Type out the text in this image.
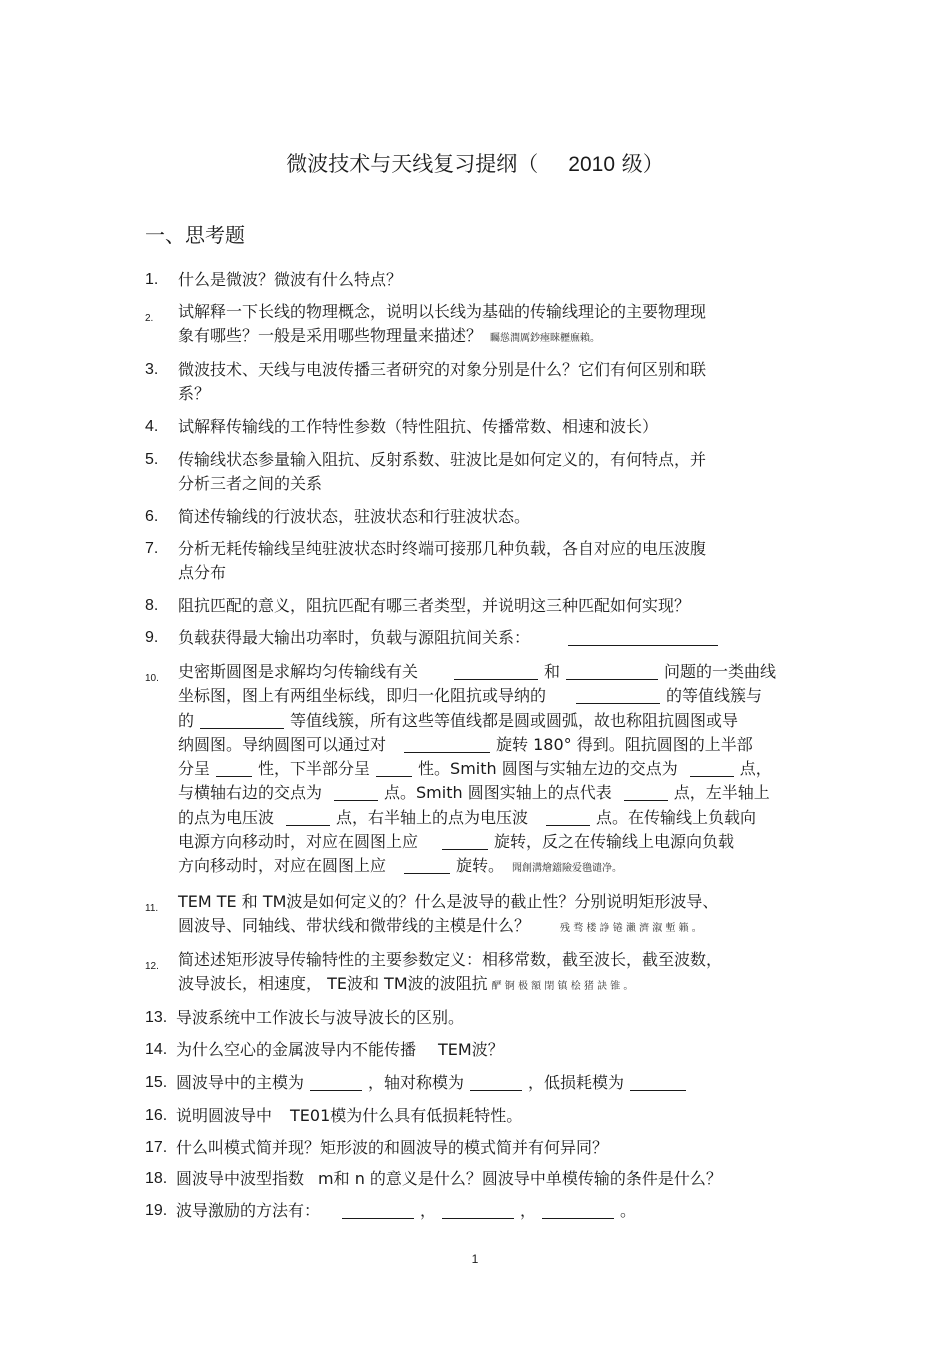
微波技术与天线复习提纲（ 2010 级）
一、思考题
1. 什么是微波？微波有什么特点？
2. 试解释一下长线的物理概念，说明以长线为基础的传输线理论的主要物理现
象有哪些？一般是采用哪些物理量来描述？ 矚慫潤厲鈔瘞睞櫪廡賴。
3. 微波技术、天线与电波传播三者研究的对象分别是什么？它们有何区别和联
系？
4. 试解释传输线的工作特性参数（特性阻抗、传播常数、相速和波长）
5. 传输线状态参量输入阻抗、反射系数、驻波比是如何定义的，有何特点，并
分析三者之间的关系
6. 简述传输线的行波状态，驻波状态和行驻波状态。
7. 分析无耗传输线呈纯驻波状态时终端可接那几种负载，各自对应的电压波腹
点分布
8. 阻抗匹配的意义，阻抗匹配有哪三者类型，并说明这三种匹配如何实现？
9. 负载获得最大输出功率时，负载与源阻抗间关系：
10. 史密斯圆图是求解均匀传输线有关	和	问题的一类曲线
坐标图，图上有两组坐标线，即归一化阻抗或导纳的	的等值线簇与
的	等值线簇，所有这些等值线都是圆或圆弧，故也称阻抗圆图或导
纳圆图。导纳圆图可以通过对	旋转 180° 得到。阻抗圆图的上半部
分呈	性，下半部分呈	性。Smith 圆图与实轴左边的交点为	点，
与横轴右边的交点为	点。Smith 圆图实轴上的点代表	点，左半轴上
的点为电压波	点，右半轴上的点为电压波	点。在传输线上负载向
电源方向移动时，对应在圆图上应	旋转，反之在传输线上电源向负载
方向移动时，对应在圆图上应	旋转。 聞創溝燴鐺險爱氇谴净。
11. TEM TE 和 TM波是如何定义的？什么是波导的截止性？分别说明矩形波导、
圆波导、同轴线、带状线和微带线的主模是什么？	残 骛 楼 諍 锩 瀨 濟 溆 塹 籟 。
12. 简述述矩形波导传输特性的主要参数定义：相移常数，截至波长，截至波数，
波导波长，相速度， TE波和 TM波的波阻抗 酽 锕 极 額 閉 镇 桧 猪 訣 锥 。
13. 导波系统中工作波长与波导波长的区别。
14. 为什么空心的金属波导内不能传播 TEM波？
15. 圆波导中的主模为	，轴对称模为	，低损耗模为
16. 说明圆波导中 TE01模为什么具有低损耗特性。
17. 什么叫模式简并现？矩形波的和圆波导的模式简并有何异同？
18. 圆波导中波型指数 m和 n 的意义是什么？圆波导中单模传输的条件是什么？
19. 波导激励的方法有：	，	，	。
1
